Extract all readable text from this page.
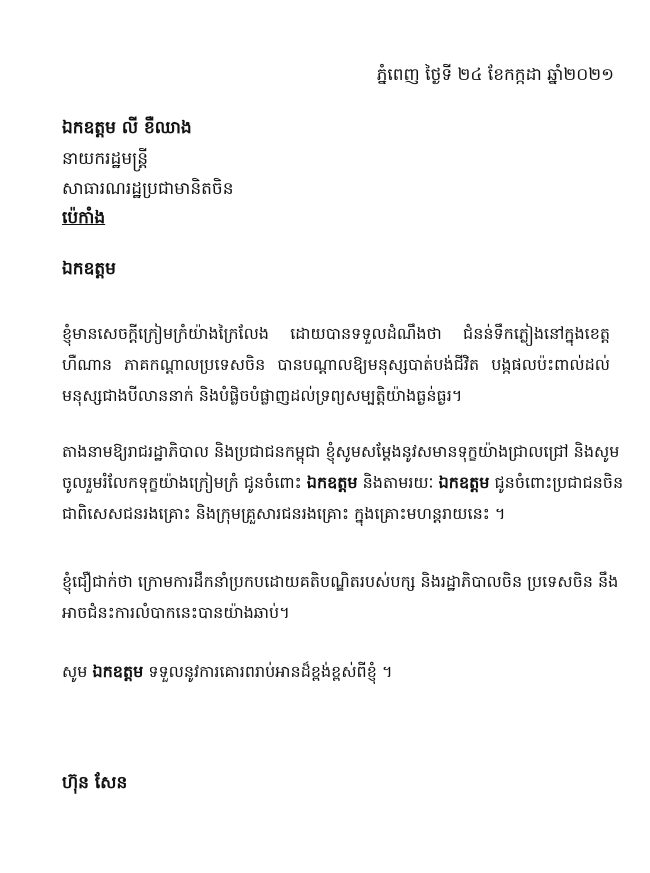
ភ្នំពេញ ថ្ងៃទី ២៤ ខែកក្កដា ឆ្នាំ២០២១
ឯកឧត្តម លី ខឺឈាង
នាយករដ្ឋមន្ត្រី
សាធារណរដ្ឋប្រជាមានិតចិន
ប៉េកាំង
ឯកឧត្តម
ខ្ញុំមានសេចក្តីក្រៀមក្រំយ៉ាងក្រៃលែង ដោយបានទទួលដំណឹងថា ជំនន់ទឹកភ្លៀងនៅក្នុងខេត្ត
ហឺណាន ភាគកណ្តាលប្រទេសចិន បានបណ្តាលឱ្យមនុស្សបាត់បង់ជីវិត បង្កផលប៉ះពាល់ដល់
មនុស្សជាងបីលាននាក់ និងបំផ្លិចបំផ្លាញដល់ទ្រព្យសម្បត្តិយ៉ាងធ្ងន់ធ្ងរ។
តាងនាមឱ្យរាជរដ្ឋាភិបាល និងប្រជាជនកម្ពុជា ខ្ញុំសូមសម្តែងនូវសមានទុក្ខយ៉ាងជ្រាលជ្រៅ និងសូម
ចូលរួមរំលែកទុក្ខយ៉ាងក្រៀមក្រំ ជូនចំពោះ ឯកឧត្តម និងតាមរយៈ ឯកឧត្តម ជូនចំពោះប្រជាជនចិន
ជាពិសេសជនរងគ្រោះ និងក្រុមគ្រួសារជនរងគ្រោះ ក្នុងគ្រោះមហន្តរាយនេះ ។
ខ្ញុំជឿជាក់ថា ក្រោមការដឹកនាំប្រកបដោយគតិបណ្ឌិតរបស់បក្ស និងរដ្ឋាភិបាលចិន ប្រទេសចិន នឹង
អាចជំនះការលំបាកនេះបានយ៉ាងឆាប់។
សូម ឯកឧត្តម ទទួលនូវការគោរពរាប់អានដ៏ខ្ពង់ខ្ពស់ពីខ្ញុំ ។
ហ៊ុន សែន
